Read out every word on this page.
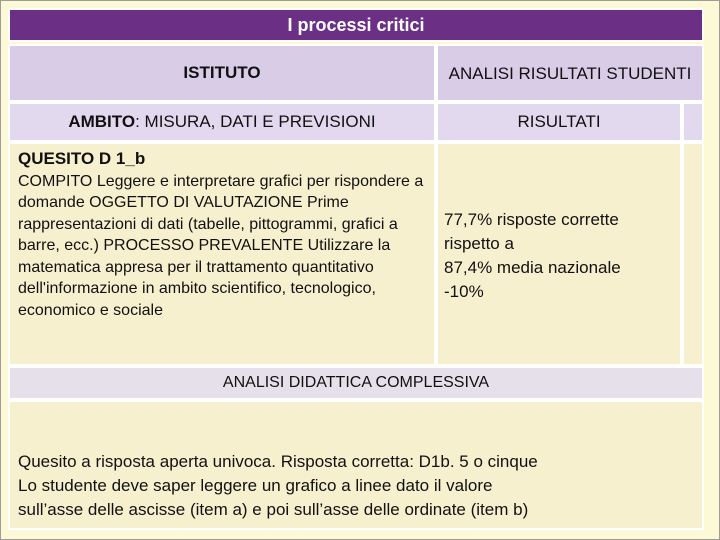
I processi critici
ISTITUTO	ANALISI RISULTATI STUDENTI
AMBITO : MISURA, DATI E PREVISIONI	RISULTATI
QUESITO D 1_b
COMPITO Leggere e interpretare grafici per rispondere a domande OGGETTO DI VALUTAZIONE Prime rappresentazioni di dati (tabelle, pittogrammi, grafici a barre, ecc.) PROCESSO PREVALENTE Utilizzare la matematica appresa per il trattamento quantitativo dell'informazione in ambito scientifico, tecnologico, economico e sociale
77,7% risposte corrette
rispetto a
87,4% media nazionale
-10%
ANALISI DIDATTICA COMPLESSIVA
Quesito a risposta aperta univoca. Risposta corretta: D1b. 5 o cinque
Lo studente deve saper leggere un grafico a linee dato il valore
sull’asse delle ascisse (item a) e poi sull’asse delle ordinate (item b)
